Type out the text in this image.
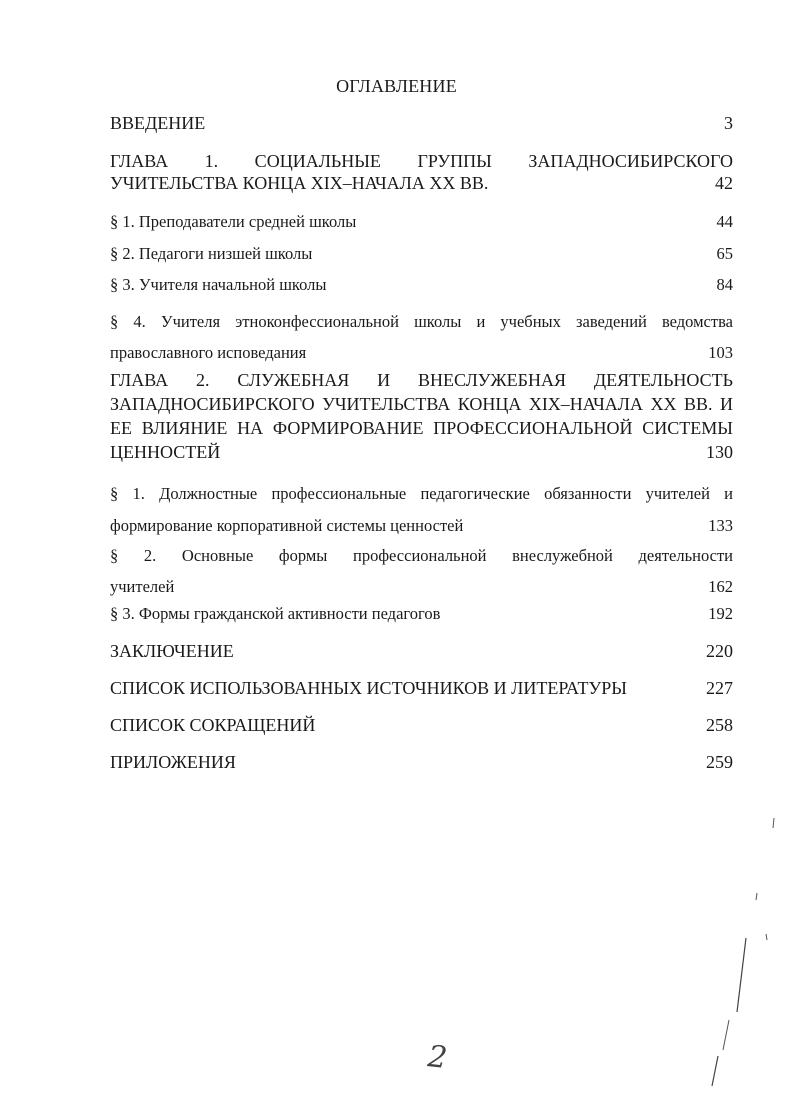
ОГЛАВЛЕНИЕ
ВВЕДЕНИЕ	3
ГЛАВА 1. СОЦИАЛЬНЫЕ ГРУППЫ ЗАПАДНОСИБИРСКОГО
УЧИТЕЛЬСТВА КОНЦА XIX–НАЧАЛА XX ВВ.	42
§ 1. Преподаватели средней школы	44
§ 2. Педагоги низшей школы	65
§ 3. Учителя начальной школы	84
§ 4. Учителя этноконфессиональной школы и учебных заведений ведомства
православного исповедания	103
ГЛАВА 2. СЛУЖЕБНАЯ И ВНЕСЛУЖЕБНАЯ ДЕЯТЕЛЬНОСТЬ
ЗАПАДНОСИБИРСКОГО УЧИТЕЛЬСТВА КОНЦА XIX–НАЧАЛА XX ВВ. И
ЕЕ ВЛИЯНИЕ НА ФОРМИРОВАНИЕ ПРОФЕССИОНАЛЬНОЙ СИСТЕМЫ
ЦЕННОСТЕЙ	130
§ 1. Должностные профессиональные педагогические обязанности учителей и
формирование корпоративной системы ценностей	133
§ 2. Основные формы профессиональной внеслужебной деятельности
учителей	162
§ 3. Формы гражданской активности педагогов	192
ЗАКЛЮЧЕНИЕ	220
СПИСОК ИСПОЛЬЗОВАННЫХ ИСТОЧНИКОВ И ЛИТЕРАТУРЫ	227
СПИСОК СОКРАЩЕНИЙ	258
ПРИЛОЖЕНИЯ	259
2
